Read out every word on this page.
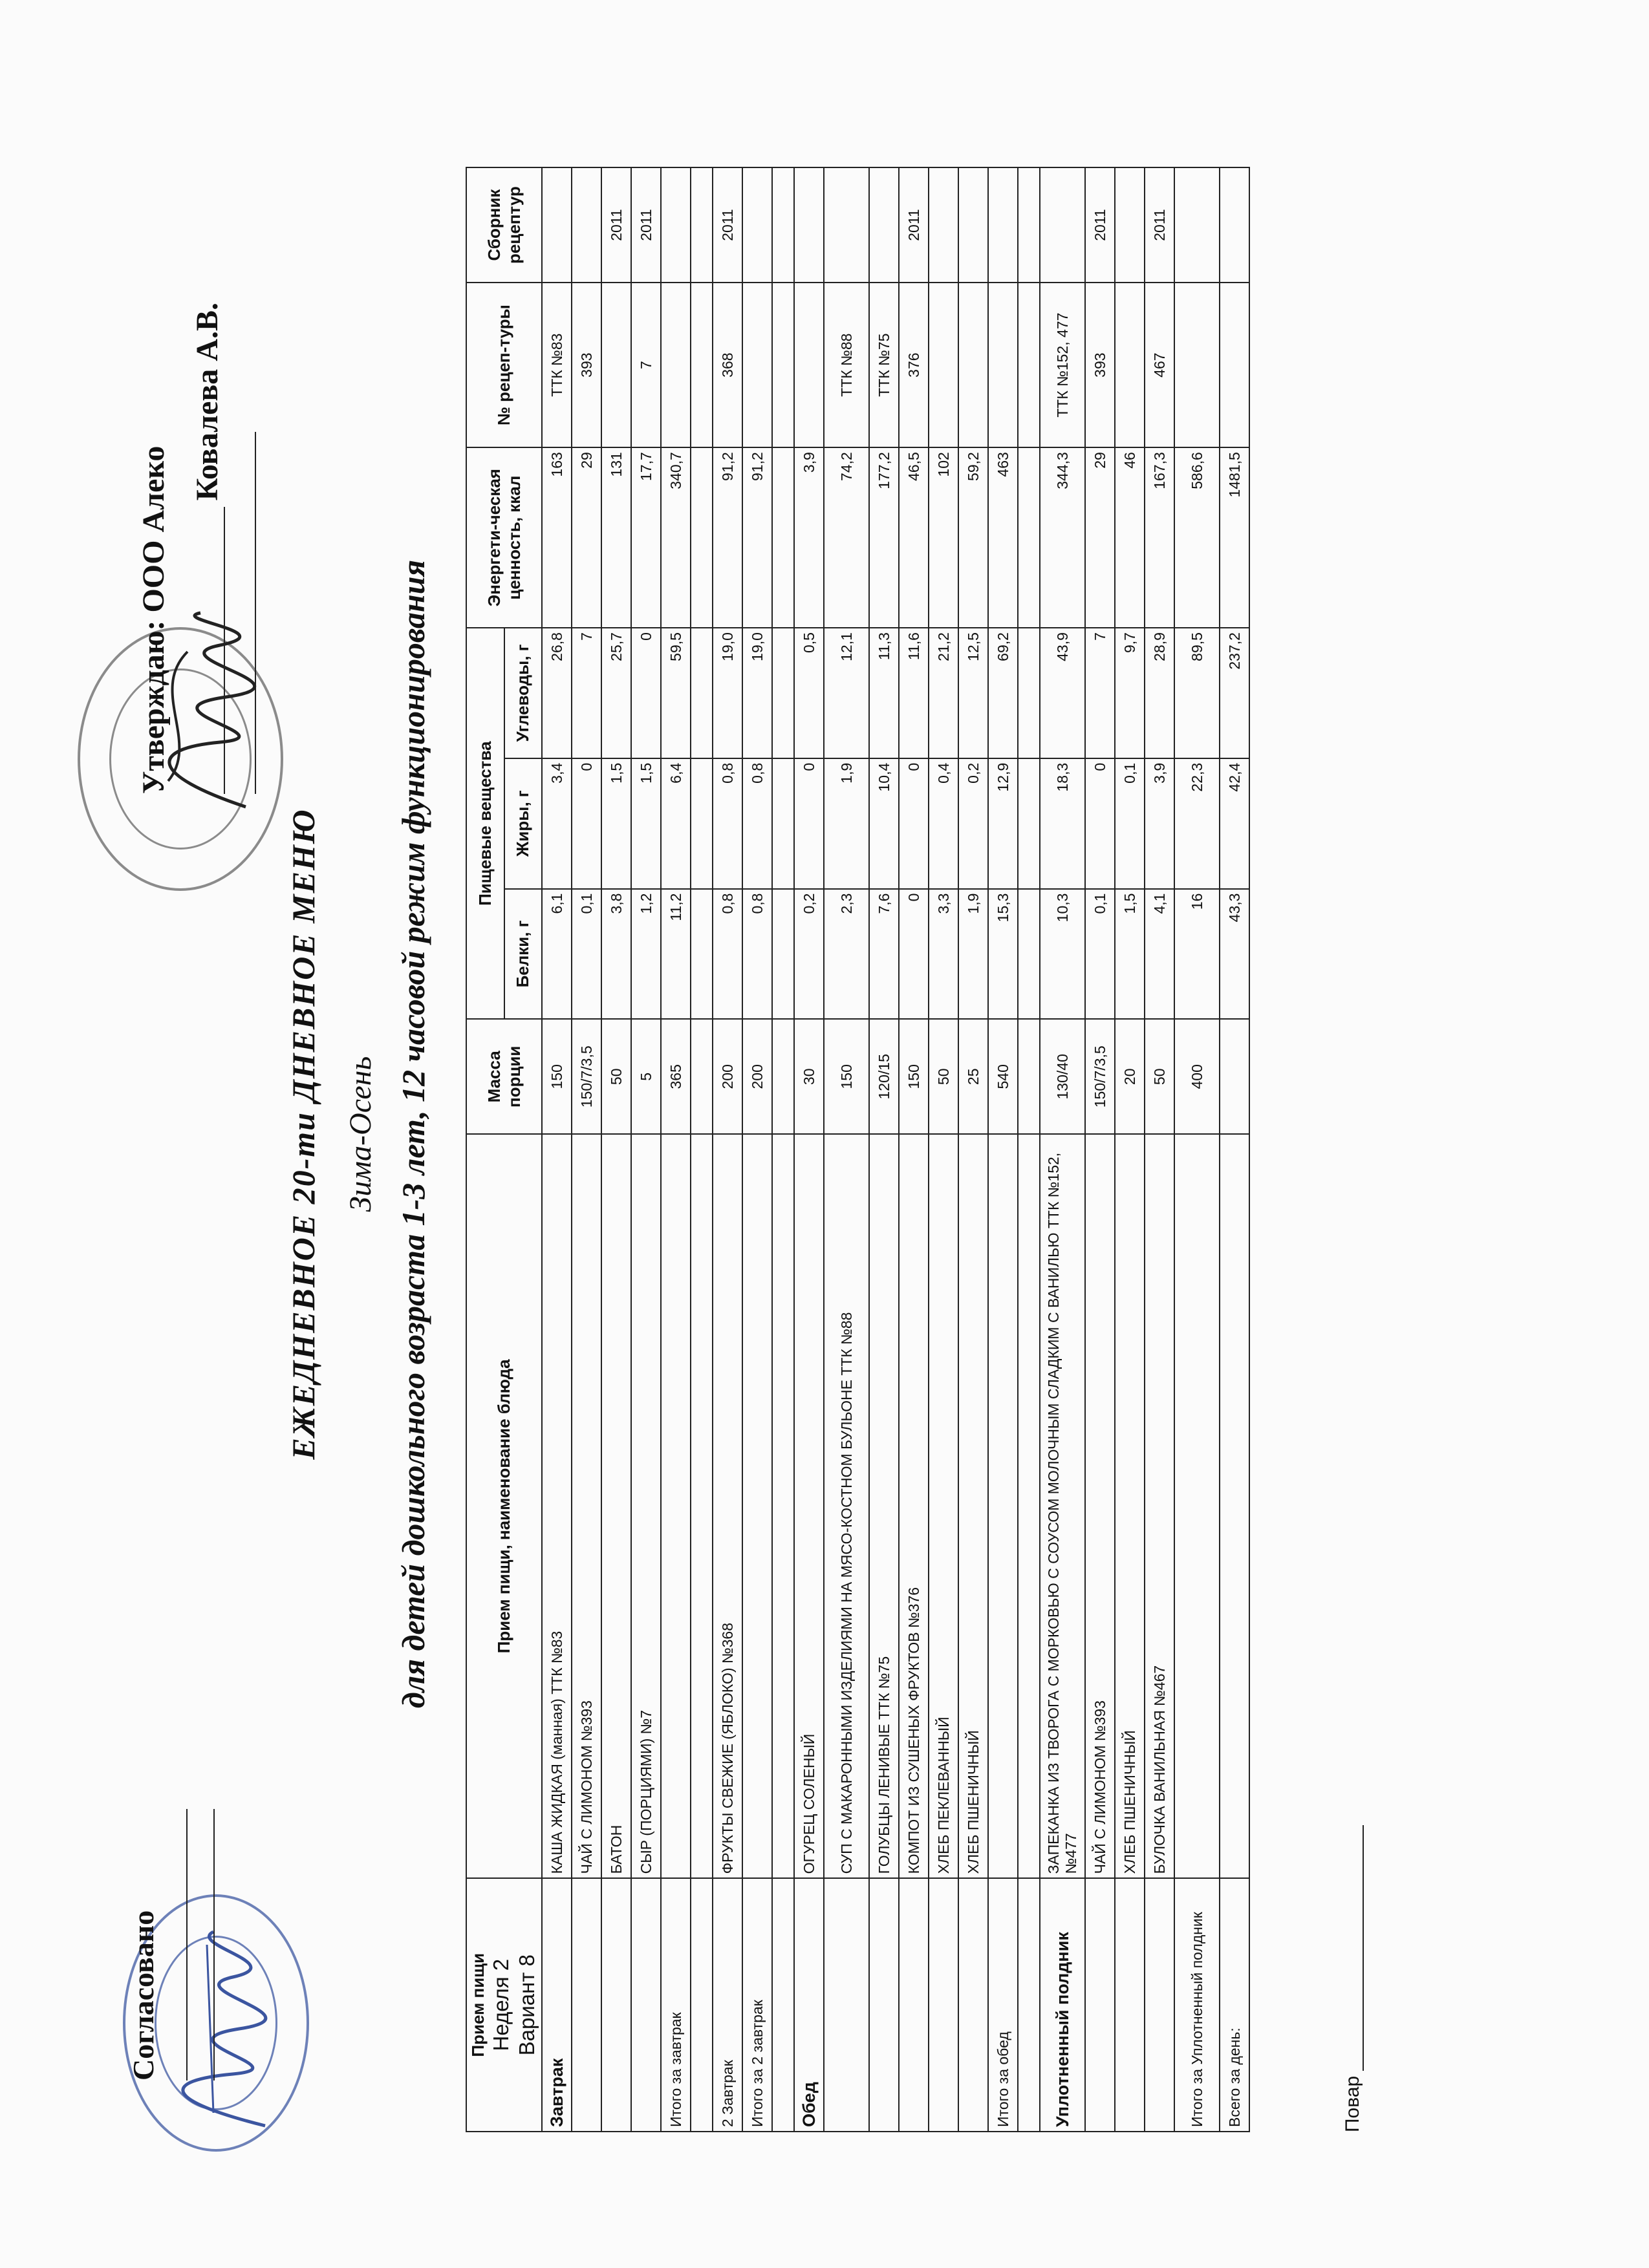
Согласовано
Утверждаю: ООО Алеко
Ковалева А.В.
ЕЖЕДНЕВНОЕ 20-ти ДНЕВНОЕ МЕНЮ Зима-Осень для детей дошкольного возраста 1-3 лет, 12 часовой режим функционирования
Прием пищи Неделя 2 Вариант 8	Прием пищи, наименование блюда	Масса порции	Пищевые вещества			Энергети-ческая ценность, ккал	№ рецеп-туры	Сборник рецептур
			Белки, г	Жиры, г	Углеводы, г			
Завтрак	КАША ЖИДКАЯ (манная) ТТК №83	150	6,1	3,4	26,8	163	ТТК №83	
	ЧАЙ С ЛИМОНОМ №393	150/7/3,5	0,1	0	7	29	393	
	БАТОН	50	3,8	1,5	25,7	131		2011
	СЫР (ПОРЦИЯМИ) №7	5	1,2	1,5	0	17,7	7	2011
Итого за завтрак		365	11,2	6,4	59,5	340,7		

2 Завтрак	ФРУКТЫ СВЕЖИЕ (ЯБЛОКО) №368	200	0,8	0,8	19,0	91,2	368	2011
Итого за 2 завтрак		200	0,8	0,8	19,0	91,2		

Обед	ОГУРЕЦ СОЛЕНЫЙ	30	0,2	0	0,5	3,9		
	СУП С МАКАРОННЫМИ ИЗДЕЛИЯМИ НА МЯСО-КОСТНОМ БУЛЬОНЕ ТТК №88	150	2,3	1,9	12,1	74,2	ТТК №88	
	ГОЛУБЦЫ ЛЕНИВЫЕ ТТК №75	120/15	7,6	10,4	11,3	177,2	ТТК №75	
	КОМПОТ ИЗ СУШЕНЫХ ФРУКТОВ №376	150	0	0	11,6	46,5	376	2011
	ХЛЕБ ПЕКЛЕВАННЫЙ	50	3,3	0,4	21,2	102		
	ХЛЕБ ПШЕНИЧНЫЙ	25	1,9	0,2	12,5	59,2		
Итого за обед		540	15,3	12,9	69,2	463		

Уплотненный полдник	ЗАПЕКАНКА ИЗ ТВОРОГА С МОРКОВЬЮ С СОУСОМ МОЛОЧНЫМ СЛАДКИМ С ВАНИЛЬЮ ТТК №152, №477	130/40	10,3	18,3	43,9	344,3	ТТК №152, 477	
	ЧАЙ С ЛИМОНОМ №393	150/7/3,5	0,1	0	7	29	393	2011
	ХЛЕБ ПШЕНИЧНЫЙ	20	1,5	0,1	9,7	46		
	БУЛОЧКА ВАНИЛЬНАЯ №467	50	4,1	3,9	28,9	167,3	467	2011
Итого за Уплотненный полдник		400	16	22,3	89,5	586,6		
Всего за день:			43,3	42,4	237,2	1481,5		
Повар
